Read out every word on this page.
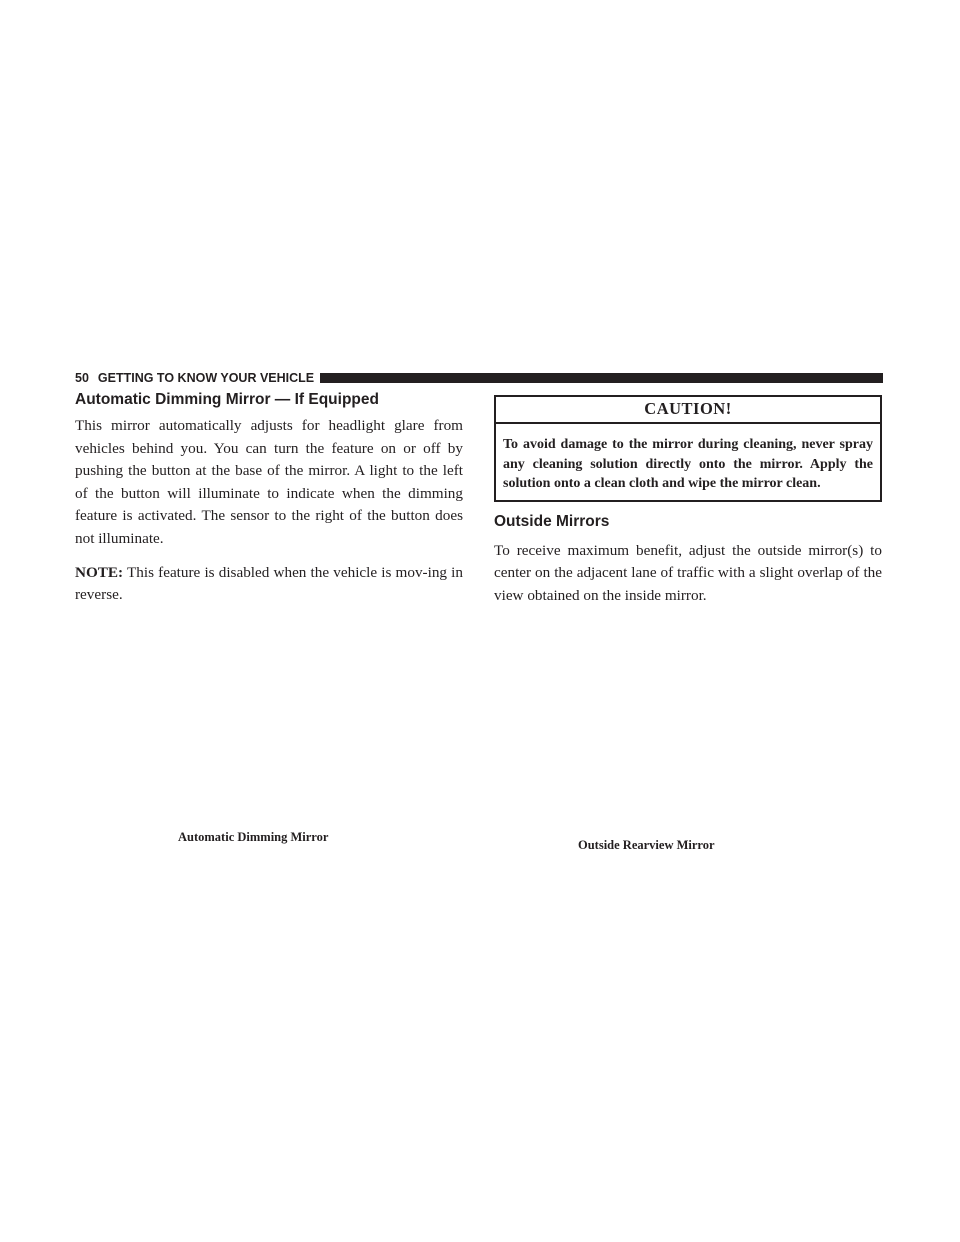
50 GETTING TO KNOW YOUR VEHICLE
Automatic Dimming Mirror — If Equipped

This mirror automatically adjusts for headlight glare from vehicles behind you. You can turn the feature on or off by pushing the button at the base of the mirror. A light to the left of the button will illuminate to indicate when the dimming feature is activated. The sensor to the right of the button does not illuminate.

NOTE: This feature is disabled when the vehicle is mov-ing in reverse.

CAUTION!
To avoid damage to the mirror during cleaning, never spray any cleaning solution directly onto the mirror. Apply the solution onto a clean cloth and wipe the mirror clean.
Outside Mirrors

To receive maximum benefit, adjust the outside mirror(s) to center on the adjacent lane of traffic with a slight overlap of the view obtained on the inside mirror.

Automatic Dimming Mirror
Outside Rearview Mirror
